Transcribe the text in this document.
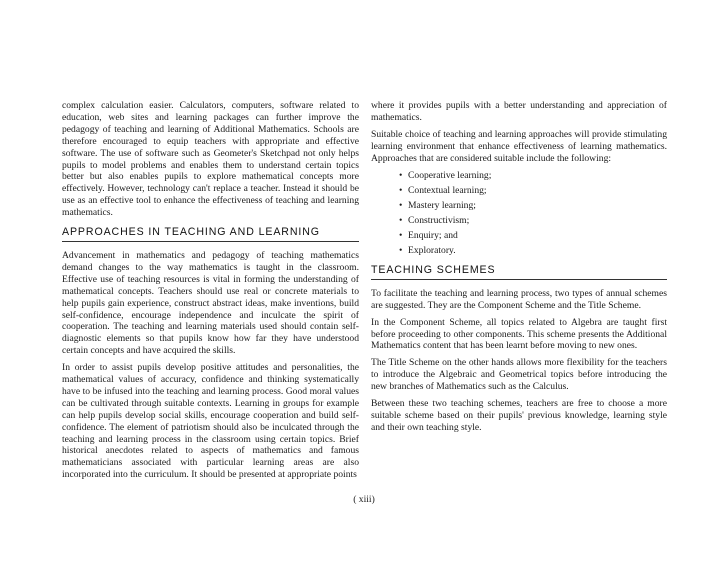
complex calculation easier. Calculators, computers, software related to education, web sites and learning packages can further improve the pedagogy of teaching and learning of Additional Mathematics. Schools are therefore encouraged to equip teachers with appropriate and effective software. The use of software such as Geometer's Sketchpad not only helps pupils to model problems and enables them to understand certain topics better but also enables pupils to explore mathematical concepts more effectively. However, technology can't replace a teacher. Instead it should be use as an effective tool to enhance the effectiveness of teaching and learning mathematics.

APPROACHES IN TEACHING AND LEARNING

Advancement in mathematics and pedagogy of teaching mathematics demand changes to the way mathematics is taught in the classroom. Effective use of teaching resources is vital in forming the understanding of mathematical concepts. Teachers should use real or concrete materials to help pupils gain experience, construct abstract ideas, make inventions, build self-confidence, encourage independence and inculcate the spirit of cooperation. The teaching and learning materials used should contain self-diagnostic elements so that pupils know how far they have understood certain concepts and have acquired the skills.

In order to assist pupils develop positive attitudes and personalities, the mathematical values of accuracy, confidence and thinking systematically have to be infused into the teaching and learning process. Good moral values can be cultivated through suitable contexts. Learning in groups for example can help pupils develop social skills, encourage cooperation and build self-confidence. The element of patriotism should also be inculcated through the teaching and learning process in the classroom using certain topics. Brief historical anecdotes related to aspects of mathematics and famous mathematicians associated with particular learning areas are also incorporated into the curriculum. It should be presented at appropriate points

where it provides pupils with a better understanding and appreciation of mathematics.

Suitable choice of teaching and learning approaches will provide stimulating learning environment that enhance effectiveness of learning mathematics. Approaches that are considered suitable include the following:

• Cooperative learning;
• Contextual learning;
• Mastery learning;
• Constructivism;
• Enquiry; and
• Exploratory.
TEACHING SCHEMES

To facilitate the teaching and learning process, two types of annual schemes are suggested. They are the Component Scheme and the Title Scheme.

In the Component Scheme, all topics related to Algebra are taught first before proceeding to other components. This scheme presents the Additional Mathematics content that has been learnt before moving to new ones.

The Title Scheme on the other hands allows more flexibility for the teachers to introduce the Algebraic and Geometrical topics before introducing the new branches of Mathematics such as the Calculus.

Between these two teaching schemes, teachers are free to choose a more suitable scheme based on their pupils' previous knowledge, learning style and their own teaching style.

( xiii)
